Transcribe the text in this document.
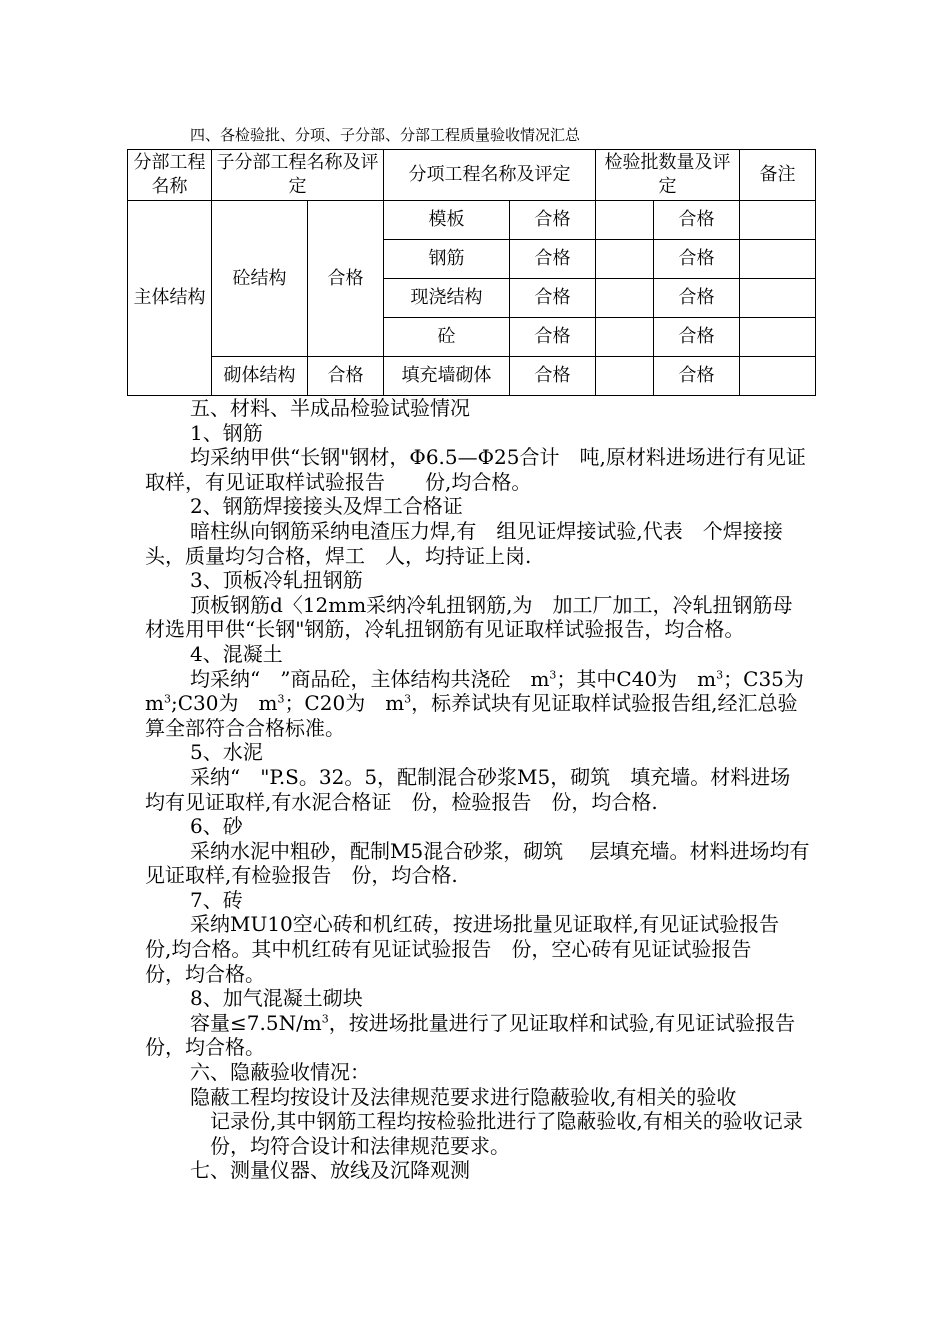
四、各检验批、分项、子分部、分部工程质量验收情况汇总
分部工程名称	子分部工程名称及评定		分项工程名称及评定		检验批数量及评定		备注
主体结构	砼结构	合格	模板	合格		合格	
			钢筋	合格		合格	
			现浇结构	合格		合格	
			砼	合格		合格	
	砌体结构	合格	填充墙砌体	合格		合格	

五、材料、半成品检验试验情况

1、钢筋

均采纳甲供“长钢"钢材，Φ6.5—Φ25合计　吨,原材料进场进行有见证取样，有见证取样试验报告　　份,均合格。

2、钢筋焊接接头及焊工合格证

暗柱纵向钢筋采纳电渣压力焊,有　组见证焊接试验,代表　个焊接接头，质量均匀合格，焊工　人，均持证上岗.

3、顶板冷轧扭钢筋

顶板钢筋d〈12mm采纳冷轧扭钢筋,为　加工厂加工，冷轧扭钢筋母材选用甲供“长钢"钢筋，冷轧扭钢筋有见证取样试验报告，均合格。

4、混凝土

均采纳“　”商品砼，主体结构共浇砼　$m^3$；其中C40为　$m^3$；C35为　$m^3;C30$为　$m^3$；C20为　$m^3$，标养试块有见证取样试验报告组,经汇总验算全部符合合格标准。

5、水泥

采纳“　"P.S。32。5，配制混合砂浆M5，砌筑　填充墙。材料进场均有见证取样,有水泥合格证　份，检验报告　份，均合格.

6、砂

采纳水泥中粗砂，配制M5混合砂浆，砌筑　 层填充墙。材料进场均有见证取样,有检验报告　份，均合格.

7、砖

采纳MU10空心砖和机红砖，按进场批量见证取样,有见证试验报告　份,均合格。其中机红砖有见证试验报告　份，空心砖有见证试验报告　份，均合格。

8、加气混凝土砌块

容量$\le 7.5N/m^3$，按进场批量进行了见证取样和试验,有见证试验报告　份，均合格。

六、隐蔽验收情况：

隐蔽工程均按设计及法律规范要求进行隐蔽验收,有相关的验收
记录份,其中钢筋工程均按检验批进行了隐蔽验收,有相关的验收记录　份，均符合设计和法律规范要求。

七、测量仪器、放线及沉降观测
